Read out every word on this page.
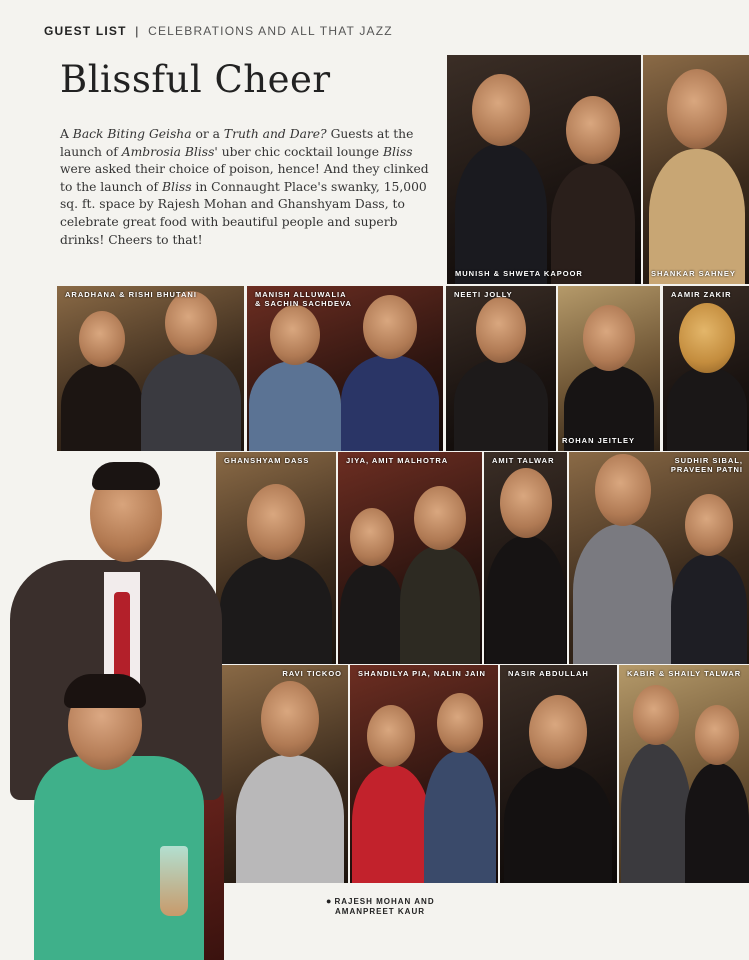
GUEST LIST | CELEBRATIONS AND ALL THAT JAZZ
Blissful Cheer
A Back Biting Geisha or a Truth and Dare? Guests at the launch of Ambrosia Bliss' uber chic cocktail lounge Bliss were asked their choice of poison, hence! And they clinked to the launch of Bliss in Connaught Place's swanky, 15,000 sq. ft. space by Rajesh Mohan and Ghanshyam Dass, to celebrate great food with beautiful people and superb drinks! Cheers to that!
MUNISH & SHWETA KAPOOR	SHANKAR SAHNEY
ARADHANA & RISHI BHUTANI	MANISH ALLUWALIA
& SACHIN SACHDEVA
NEETI JOLLY
ROHAN JEITLEY
AAMIR ZAKIR
GHANSHYAM DASS	JIYA, AMIT MALHOTRA	AMIT TALWAR	SUDHIR SIBAL,
PRAVEEN PATNI
RAVI TICKOO SHANDILYA PIA, NALIN JAIN	NASIR ABDULLAH	KABIR & SHAILY TALWAR
● RAJESH MOHAN AND
AMANPREET KAUR
